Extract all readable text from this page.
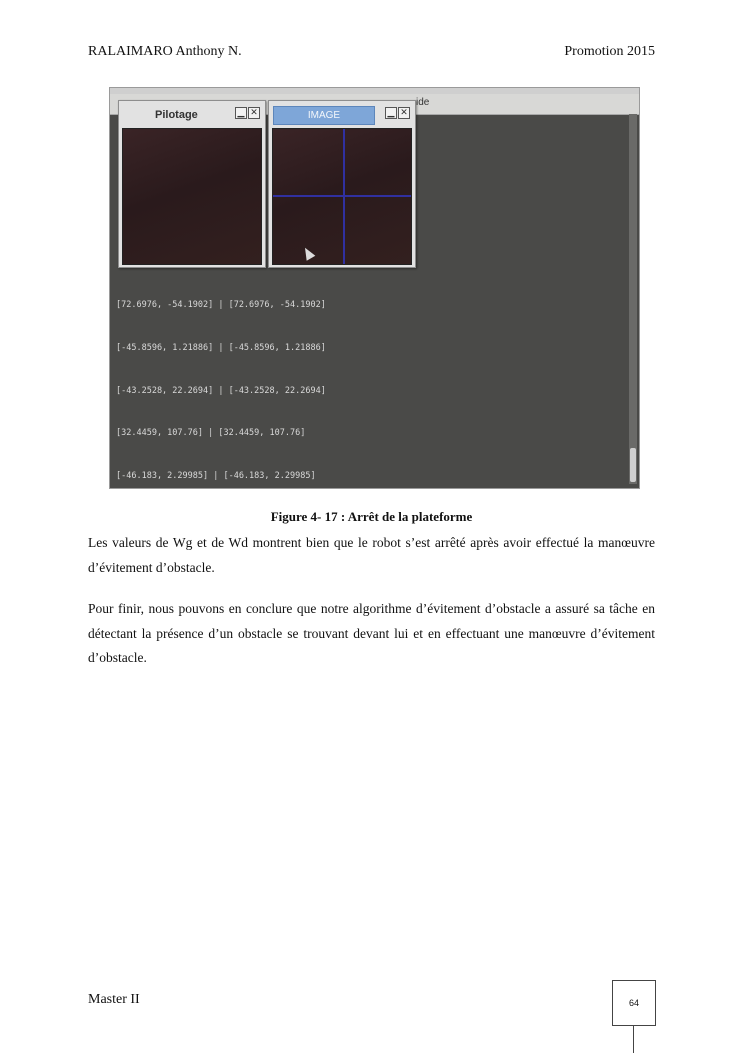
RALAIMARO Anthony N.	Promotion 2015
ide
Pilotage	▁ ✕	IMAGE	▁ ✕

[72.6976, -54.1902] | [72.6976, -54.1902]

[-45.8596, 1.21886] | [-45.8596, 1.21886]

[-43.2528, 22.2694] | [-43.2528, 22.2694]

[32.4459, 107.76] | [32.4459, 107.76]

[-46.183, 2.29985] | [-46.183, 2.29985]

Figure 4- 17 : Arrêt de la plateforme

Les valeurs de Wg et de Wd montrent bien que le robot s’est arrêté après avoir effectué la manœuvre d’évitement d’obstacle.

Pour finir, nous pouvons en conclure que notre algorithme d’évitement d’obstacle a assuré sa tâche en détectant la présence d’un obstacle se trouvant devant lui et en effectuant une manœuvre d’évitement d’obstacle.

Master II	64
